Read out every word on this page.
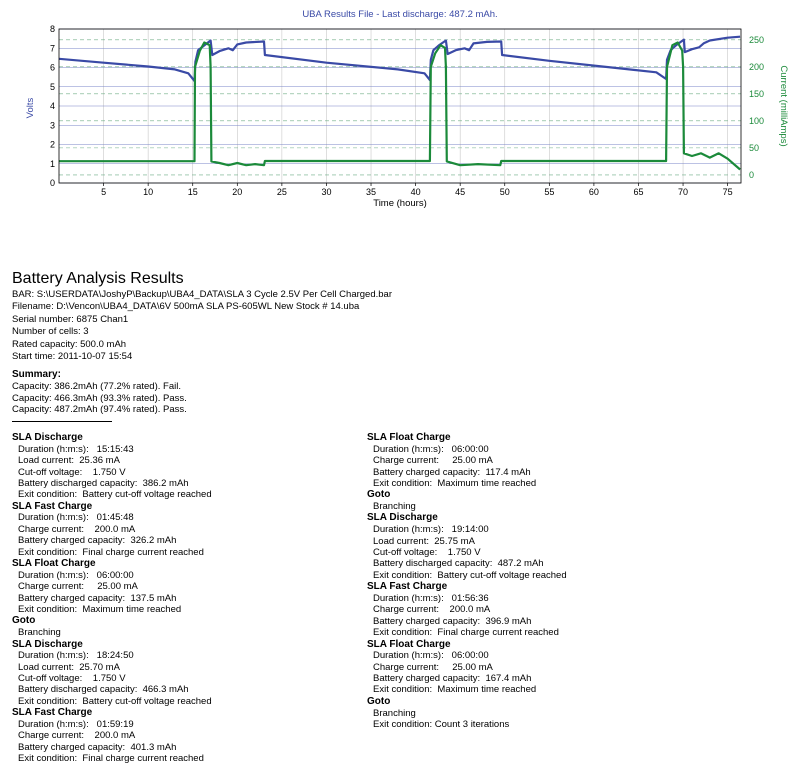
UBA Results File - Last discharge: 487.2 mAh.
5	10	15	20	25	30	35	40	45	50	55	60	65	70	75
0
1
2
3
4
5
6
7
8
0
50
100
150
200
250
Time (hours)
Volts	Current (milliAmps)
Battery Analysis Results
BAR: S:\USERDATA\JoshyP\Backup\UBA4_DATA\SLA 3 Cycle 2.5V Per Cell Charged.bar
Filename: D:\Vencon\UBA4_DATA\6V 500mA SLA PS-605WL New Stock # 14.uba
Serial number: 6875 Chan1
Number of cells: 3
Rated capacity: 500.0 mAh
Start time: 2011-10-07 15:54
Summary:
Capacity: 386.2mAh (77.2% rated). Fail.
Capacity: 466.3mAh (93.3% rated). Pass.
Capacity: 487.2mAh (97.4% rated). Pass.
SLA Discharge
Duration (h:m:s):   15:15:43
Load current:  25.36 mA
Cut-off voltage:    1.750 V
Battery discharged capacity:  386.2 mAh
Exit condition:  Battery cut-off voltage reached
SLA Fast Charge
Duration (h:m:s):   01:45:48
Charge current:    200.0 mA
Battery charged capacity:  326.2 mAh
Exit condition:  Final charge current reached
SLA Float Charge
Duration (h:m:s):   06:00:00
Charge current:     25.00 mA
Battery charged capacity:  137.5 mAh
Exit condition:  Maximum time reached
Goto
Branching
SLA Discharge
Duration (h:m:s):   18:24:50
Load current:  25.70 mA
Cut-off voltage:    1.750 V
Battery discharged capacity:  466.3 mAh
Exit condition:  Battery cut-off voltage reached
SLA Fast Charge
Duration (h:m:s):   01:59:19
Charge current:    200.0 mA
Battery charged capacity:  401.3 mAh
Exit condition:  Final charge current reached
SLA Float Charge
Duration (h:m:s):   06:00:00
Charge current:     25.00 mA
Battery charged capacity:  117.4 mAh
Exit condition:  Maximum time reached
Goto
Branching
SLA Discharge
Duration (h:m:s):   19:14:00
Load current:  25.75 mA
Cut-off voltage:    1.750 V
Battery discharged capacity:  487.2 mAh
Exit condition:  Battery cut-off voltage reached
SLA Fast Charge
Duration (h:m:s):   01:56:36
Charge current:    200.0 mA
Battery charged capacity:  396.9 mAh
Exit condition:  Final charge current reached
SLA Float Charge
Duration (h:m:s):   06:00:00
Charge current:     25.00 mA
Battery charged capacity:  167.4 mAh
Exit condition:  Maximum time reached
Goto
Branching
Exit condition: Count 3 iterations
